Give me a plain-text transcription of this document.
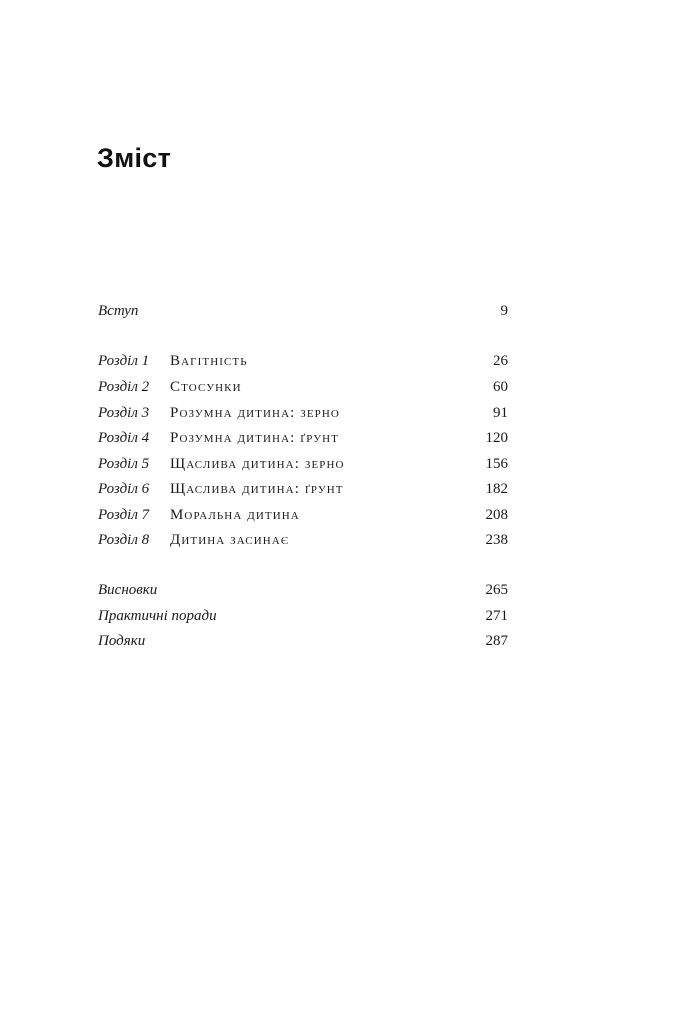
Зміст
Вступ	9
Розділ 1	Вагітність	26
Розділ 2	Стосунки	60
Розділ 3	Розумна дитина: зерно	91
Розділ 4	Розумна дитина: ґрунт	120
Розділ 5	Щаслива дитина: зерно	156
Розділ 6	Щаслива дитина: ґрунт	182
Розділ 7	Моральна дитина	208
Розділ 8	Дитина засинає	238
Висновки	265
Практичні поради	271
Подяки	287
